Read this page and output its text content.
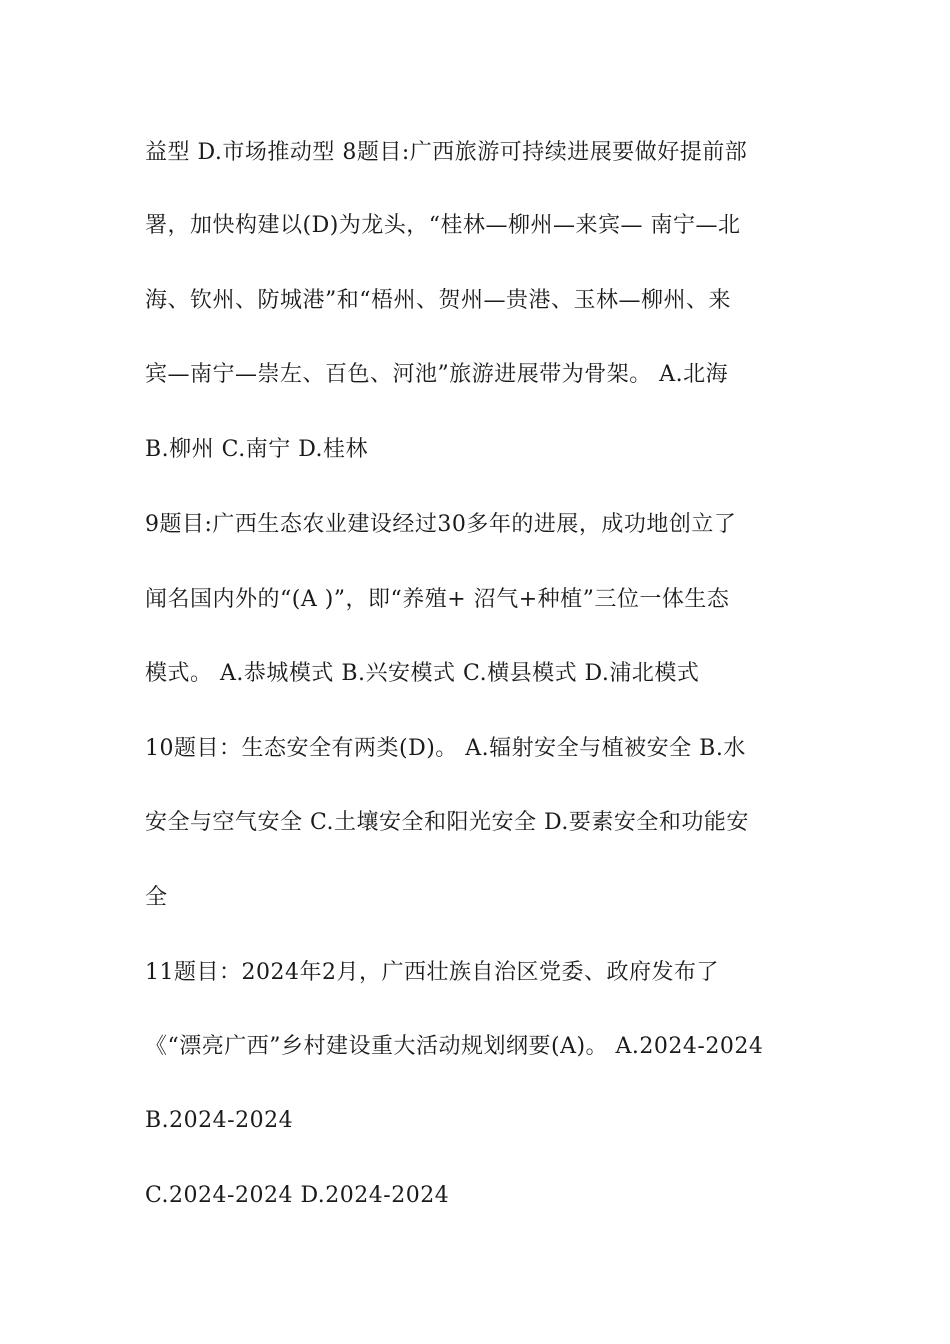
益型 D.市场推动型 8题目:广西旅游可持续进展要做好提前部
署，加快构建以(D)为龙头，“桂林—柳州—来宾— 南宁—北
海、钦州、防城港”和“梧州、贺州—贵港、玉林—柳州、来
宾—南宁—崇左、百色、河池”旅游进展带为骨架。 A.北海
B.柳州 C.南宁 D.桂林
9题目:广西生态农业建设经过30多年的进展，成功地创立了
闻名国内外的“(A )”，即“养殖+ 沼气+种植”三位一体生态
模式。 A.恭城模式 B.兴安模式 C.横县模式 D.浦北模式
10题目：生态安全有两类(D)。 A.辐射安全与植被安全 B.水
安全与空气安全 C.土壤安全和阳光安全 D.要素安全和功能安
全
11题目：2024年2月，广西壮族自治区党委、政府发布了
《“漂亮广西”乡村建设重大活动规划纲要(A)。 A.2024-2024
B.2024-2024
C.2024-2024 D.2024-2024
